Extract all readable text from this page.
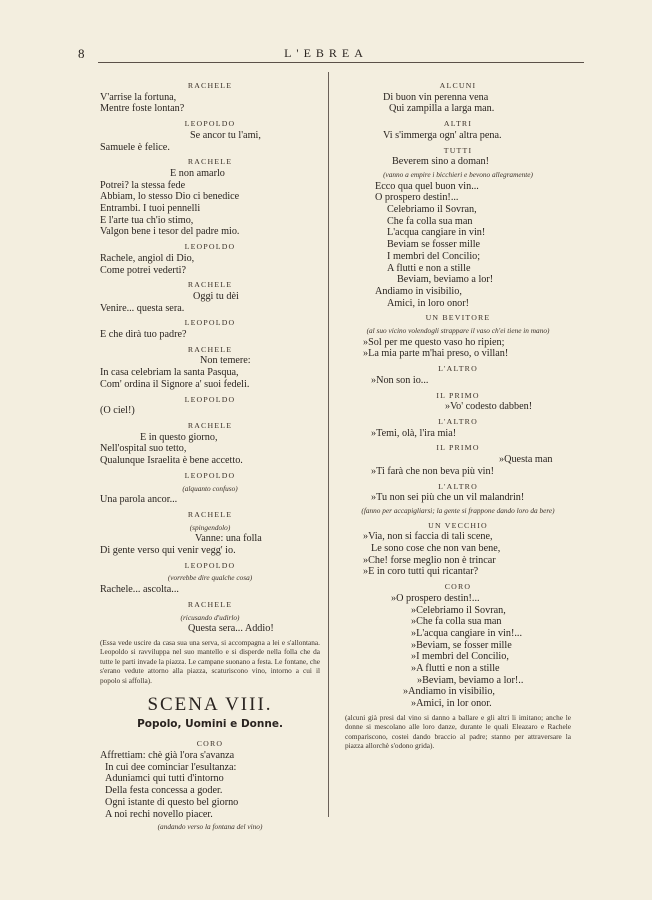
8	L'EBREA
RACHELE
V'arrise la fortuna,
Mentre foste lontan?
LEOPOLDO
Se ancor tu l'ami,
Samuele è felice.
RACHELE
E non amarlo
Potrei? la stessa fede
Abbiam, lo stesso Dio ci benedice
Entrambi. I tuoi pennelli
E l'arte tua ch'io stimo,
Valgon bene i tesor del padre mio.
LEOPOLDO
Rachele, angiol di Dio,
Come potrei vederti?
RACHELE
Oggi tu dèi
Venire... questa sera.
LEOPOLDO
E che dirà tuo padre?
RACHELE
Non temere:
In casa celebriam la santa Pasqua,
Com' ordina il Signore a' suoi fedeli.
LEOPOLDO
(O ciel!)
RACHELE
E in questo giorno,
Nell'ospital suo tetto,
Qualunque Israelita è bene accetto.
LEOPOLDO
(alquanto confuso)
Una parola ancor...
RACHELE
(spingendolo)
Vanne: una folla
Di gente verso qui venir vegg' io.
LEOPOLDO
(vorrebbe dire qualche cosa)
Rachele... ascolta...
RACHELE
(ricusando d'udirlo)
Questa sera... Addio!
(Essa vede uscire da casa sua una serva, si accompagna a lei e s'allontana. Leopoldo si ravviluppa nel suo mantello e si disperde nella folla che da tutte le parti invade la piazza. Le campane suonano a festa. Le fontane, che s'erano vedute attorno alla piazza, scaturiscono vino, intorno a cui il popolo si affolla).
SCENA VIII.
Popolo, Uomini e Donne.
CORO
Affrettiam: chè già l'ora s'avanza
In cui dee cominciar l'esultanza:
Aduniamci qui tutti d'intorno
Della festa concessa a goder.
Ogni istante di questo bel giorno
A noi rechi novello piacer.
(andando verso la fontana del vino)
ALCUNI
Di buon vin perenna vena
Qui zampilla a larga man.
ALTRI
Vi s'immerga ogn' altra pena.
TUTTI
Beverem sino a doman!
(vanno a empire i bicchieri e bevono allegramente)
Ecco qua quel buon vin...
O prospero destin!...
Celebriamo il Sovran,
Che fa colla sua man
L'acqua cangiare in vin!
Beviam se fosser mille
I membri del Concilio;
A flutti e non a stille
Beviam, beviamo a lor!
Andiamo in visibilio,
Amici, in loro onor!
UN BEVITORE
(al suo vicino volendogli strappare il vaso ch'ei tiene in mano)
»Sol per me questo vaso ho ripien;
»La mia parte m'hai preso, o villan!
L'ALTRO
»Non son io...
IL PRIMO
»Vo' codesto dabben!
L'ALTRO
»Temi, olà, l'ira mia!
IL PRIMO
»Questa man
»Ti farà che non beva più vin!
L'ALTRO
»Tu non sei più che un vil malandrin!
(fanno per accapigliarsi; la gente si frappone dando loro da bere)
UN VECCHIO
»Via, non si faccia di tali scene,
Le sono cose che non van bene,
»Che! forse meglio non è trincar
»E in coro tutti qui ricantar?
CORO
»O prospero destin!...
»Celebriamo il Sovran,
»Che fa colla sua man
»L'acqua cangiare in vin!...
»Beviam, se fosser mille
»I membri del Concilio,
»A flutti e non a stille
»Beviam, beviamo a lor!..
»Andiamo in visibilio,
»Amici, in lor onor.
(alcuni già presi dal vino si danno a ballare e gli altri li imitano; anche le donne si mescolano alle loro danze, durante le quali Eleazaro e Rachele compariscono, costei dando braccio al padre; stanno per attraversare la piazza allorchè s'odono grida).
